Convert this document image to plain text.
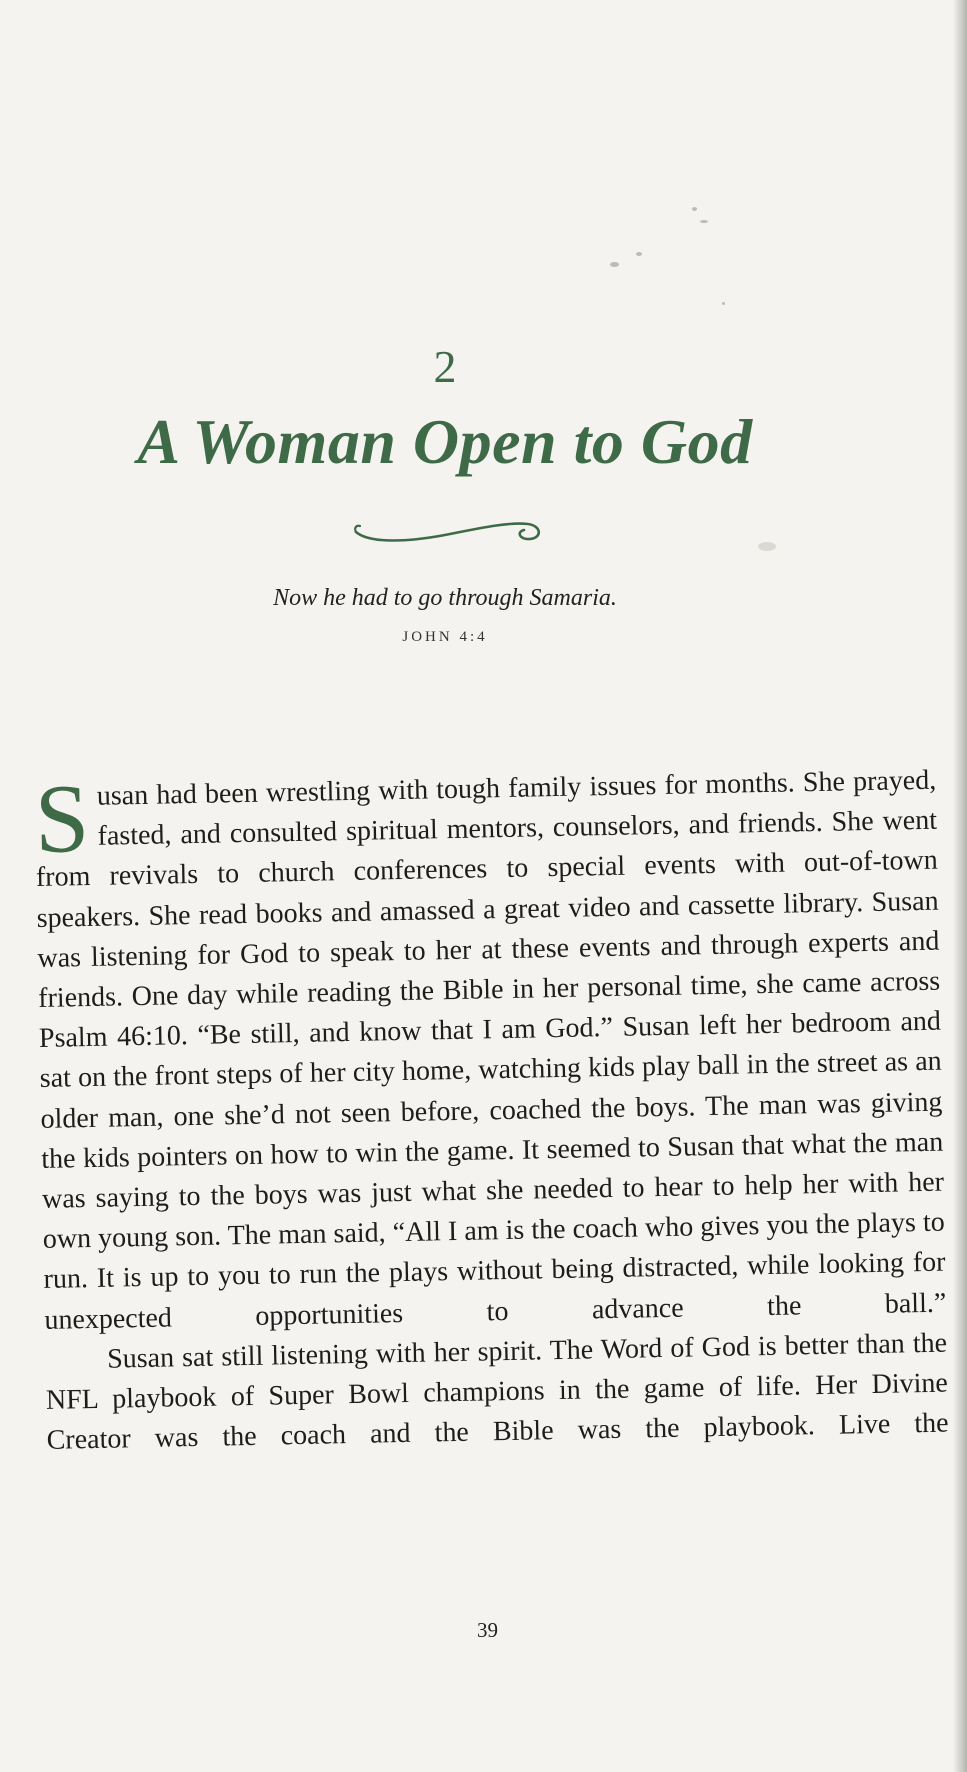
2
A Woman Open to God
Now he had to go through Samaria.
JOHN 4:4

Susan had been wrestling with tough family issues for months. She prayed, fasted, and consulted spiritual mentors, counselors, and friends. She went from revivals to church conferences to special events with out-of-town speakers. She read books and amassed a great video and cassette library. Susan was listening for God to speak to her at these events and through experts and friends. One day while reading the Bible in her personal time, she came across Psalm 46:10. “Be still, and know that I am God.” Susan left her bedroom and sat on the front steps of her city home, watching kids play ball in the street as an older man, one she’d not seen before, coached the boys. The man was giving the kids pointers on how to win the game. It seemed to Susan that what the man was saying to the boys was just what she needed to hear to help her with her own young son. The man said, “All I am is the coach who gives you the plays to run. It is up to you to run the plays without being distracted, while looking for unexpected opportunities to advance the ball.”

Susan sat still listening with her spirit. The Word of God is better than the NFL playbook of Super Bowl champions in the game of life. Her Divine Creator was the coach and the Bible was the playbook. Live the

39
